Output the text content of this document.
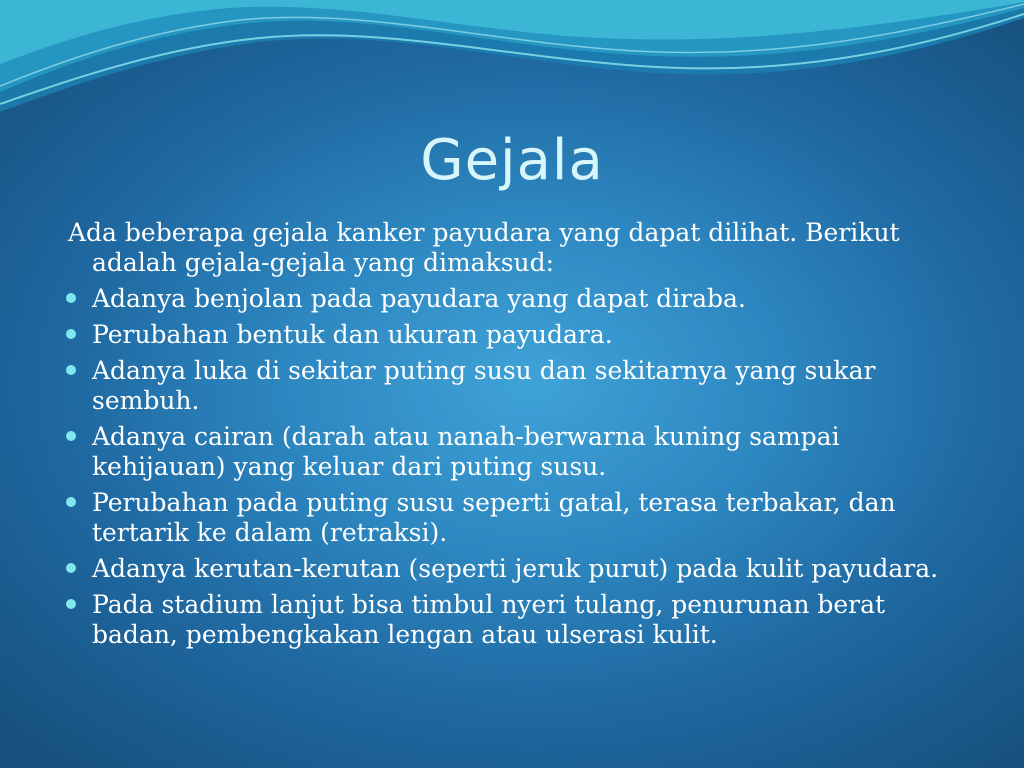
Gejala
Ada beberapa gejala kanker payudara yang dapat dilihat. Berikut adalah gejala-gejala yang dimaksud:
Adanya benjolan pada payudara yang dapat diraba.
Perubahan bentuk dan ukuran payudara.
Adanya luka di sekitar puting susu dan sekitarnya yang sukar sembuh.
Adanya cairan (darah atau nanah-berwarna kuning sampai kehijauan) yang keluar dari puting susu.
Perubahan pada puting susu seperti gatal, terasa terbakar, dan tertarik ke dalam (retraksi).
Adanya kerutan-kerutan (seperti jeruk purut) pada kulit payudara.
Pada stadium lanjut bisa timbul nyeri tulang, penurunan berat badan, pembengkakan lengan atau ulserasi kulit.
